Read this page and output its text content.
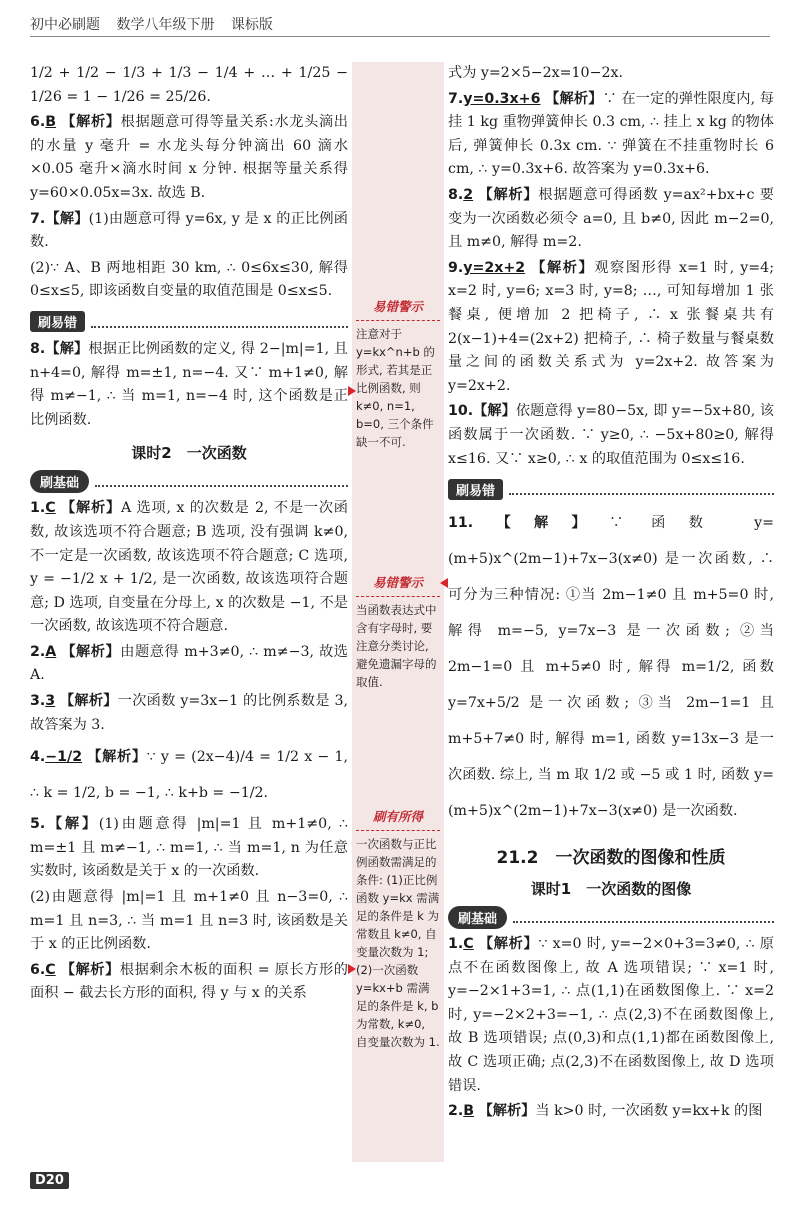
初中必刷题 数学八年级下册 课标版

1/2 + 1/2 − 1/3 + 1/3 − 1/4 + … + 1/25 − 1/26 = 1 − 1/26 = 25/26.

6.B 【解析】根据题意可得等量关系:水龙头滴出的水量 y 毫升 = 水龙头每分钟滴出 60 滴水×0.05 毫升×滴水时间 x 分钟. 根据等量关系得 y=60×0.05x=3x. 故选 B.

7.【解】(1)由题意可得 y=6x, y 是 x 的正比例函数.

(2)∵ A、B 两地相距 30 km, ∴ 0≤6x≤30, 解得 0≤x≤5, 即该函数自变量的取值范围是 0≤x≤5.

刷易错

8.【解】根据正比例函数的定义, 得 2−|m|=1, 且 n+4=0, 解得 m=±1, n=−4. 又∵ m+1≠0, 解得 m≠−1, ∴ 当 m=1, n=−4 时, 这个函数是正比例函数.

课时2　一次函数
刷基础

1.C 【解析】A 选项, x 的次数是 2, 不是一次函数, 故该选项不符合题意; B 选项, 没有强调 k≠0, 不一定是一次函数, 故该选项不符合题意; C 选项, y = −1/2 x + 1/2, 是一次函数, 故该选项符合题意; D 选项, 自变量在分母上, x 的次数是 −1, 不是一次函数, 故该选项不符合题意.

2.A 【解析】由题意得 m+3≠0, ∴ m≠−3, 故选 A.

3.3 【解析】一次函数 y=3x−1 的比例系数是 3, 故答案为 3.

4.−1/2 【解析】∵ y = (2x−4)/4 = 1/2 x − 1, ∴ k = 1/2, b = −1, ∴ k+b = −1/2.

5.【解】(1)由题意得 |m|=1 且 m+1≠0, ∴ m=±1 且 m≠−1, ∴ m=1, ∴ 当 m=1, n 为任意实数时, 该函数是关于 x 的一次函数.

(2)由题意得 |m|=1 且 m+1≠0 且 n−3=0, ∴ m=1 且 n=3, ∴ 当 m=1 且 n=3 时, 该函数是关于 x 的正比例函数.

6.C 【解析】根据剩余木板的面积 = 原长方形的面积 − 截去长方形的面积, 得 y 与 x 的关系

易错警示
注意对于 y=kx^n+b 的形式, 若其是正比例函数, 则 k≠0, n=1, b=0, 三个条件缺一不可.
易错警示
当函数表达式中含有字母时, 要注意分类讨论, 避免遗漏字母的取值.
刷有所得
一次函数与正比例函数需满足的条件: (1)正比例函数 y=kx 需满足的条件是 k 为常数且 k≠0, 自变量次数为 1; (2)一次函数 y=kx+b 需满足的条件是 k, b 为常数, k≠0, 自变量次数为 1.

式为 y=2×5−2x=10−2x.

7.y=0.3x+6 【解析】∵ 在一定的弹性限度内, 每挂 1 kg 重物弹簧伸长 0.3 cm, ∴ 挂上 x kg 的物体后, 弹簧伸长 0.3x cm. ∵ 弹簧在不挂重物时长 6 cm, ∴ y=0.3x+6. 故答案为 y=0.3x+6.

8.2 【解析】根据题意可得函数 y=ax²+bx+c 要变为一次函数必须令 a=0, 且 b≠0, 因此 m−2=0, 且 m≠0, 解得 m=2.

9.y=2x+2 【解析】观察图形得 x=1 时, y=4; x=2 时, y=6; x=3 时, y=8; …, 可知每增加 1 张餐桌, 便增加 2 把椅子, ∴ x 张餐桌共有 2(x−1)+4=(2x+2) 把椅子, ∴ 椅子数量与餐桌数量之间的函数关系式为 y=2x+2. 故答案为 y=2x+2.

10.【解】依题意得 y=80−5x, 即 y=−5x+80, 该函数属于一次函数. ∵ y≥0, ∴ −5x+80≥0, 解得 x≤16. 又∵ x≥0, ∴ x 的取值范围为 0≤x≤16.

刷易错

11.【解】∵ 函数 y=(m+5)x^(2m−1)+7x−3(x≠0) 是一次函数, ∴ 可分为三种情况: ①当 2m−1≠0 且 m+5=0 时, 解得 m=−5, y=7x−3 是一次函数; ②当 2m−1=0 且 m+5≠0 时, 解得 m=1/2, 函数 y=7x+5/2 是一次函数; ③当 2m−1=1 且 m+5+7≠0 时, 解得 m=1, 函数 y=13x−3 是一次函数. 综上, 当 m 取 1/2 或 −5 或 1 时, 函数 y=(m+5)x^(2m−1)+7x−3(x≠0) 是一次函数.

21.2　一次函数的图像和性质
课时1　一次函数的图像
刷基础

1.C 【解析】∵ x=0 时, y=−2×0+3=3≠0, ∴ 原点不在函数图像上, 故 A 选项错误; ∵ x=1 时, y=−2×1+3=1, ∴ 点(1,1)在函数图像上. ∵ x=2 时, y=−2×2+3=−1, ∴ 点(2,3)不在函数图像上, 故 B 选项错误; 点(0,3)和点(1,1)都在函数图像上, 故 C 选项正确; 点(2,3)不在函数图像上, 故 D 选项错误.

2.B 【解析】当 k>0 时, 一次函数 y=kx+k 的图

D20
